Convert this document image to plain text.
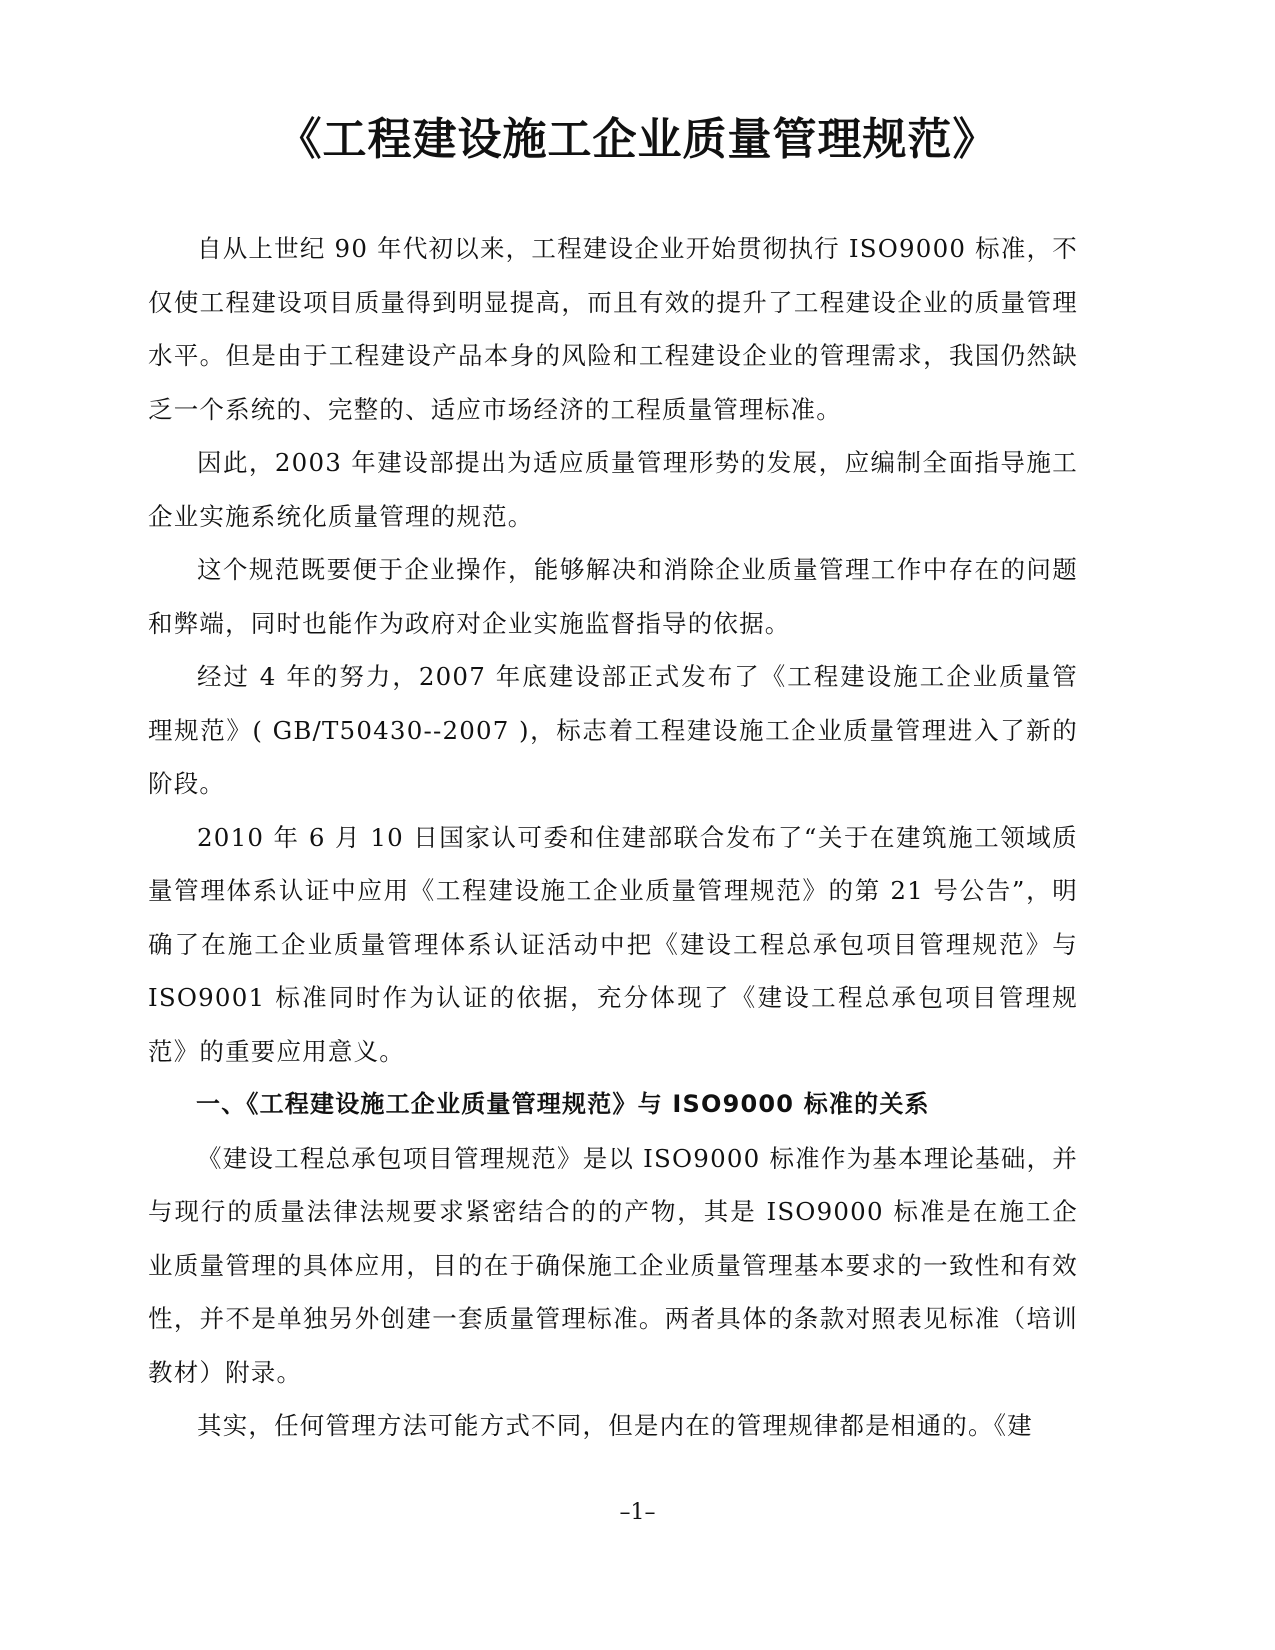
《工程建设施工企业质量管理规范》

自从上世纪 90 年代初以来，工程建设企业开始贯彻执行 ISO9000 标准，不仅使工程建设项目质量得到明显提高，而且有效的提升了工程建设企业的质量管理水平。但是由于工程建设产品本身的风险和工程建设企业的管理需求，我国仍然缺乏一个系统的、完整的、适应市场经济的工程质量管理标准。

因此，2003 年建设部提出为适应质量管理形势的发展，应编制全面指导施工企业实施系统化质量管理的规范。

这个规范既要便于企业操作，能够解决和消除企业质量管理工作中存在的问题和弊端，同时也能作为政府对企业实施监督指导的依据。

经过 4 年的努力，2007 年底建设部正式发布了《工程建设施工企业质量管理规范》( GB/T50430--2007 )，标志着工程建设施工企业质量管理进入了新的阶段。

2010 年 6 月 10 日国家认可委和住建部联合发布了“关于在建筑施工领域质量管理体系认证中应用《工程建设施工企业质量管理规范》的第 21 号公告”，明确了在施工企业质量管理体系认证活动中把《建设工程总承包项目管理规范》与 ISO9001 标准同时作为认证的依据，充分体现了《建设工程总承包项目管理规范》的重要应用意义。

一、《工程建设施工企业质量管理规范》与 ISO9000 标准的关系

《建设工程总承包项目管理规范》是以 ISO9000 标准作为基本理论基础，并与现行的质量法律法规要求紧密结合的的产物，其是 ISO9000 标准是在施工企业质量管理的具体应用，目的在于确保施工企业质量管理基本要求的一致性和有效性，并不是单独另外创建一套质量管理标准。两者具体的条款对照表见标准（培训教材）附录。

其实，任何管理方法可能方式不同，但是内在的管理规律都是相通的。《建

–1–
